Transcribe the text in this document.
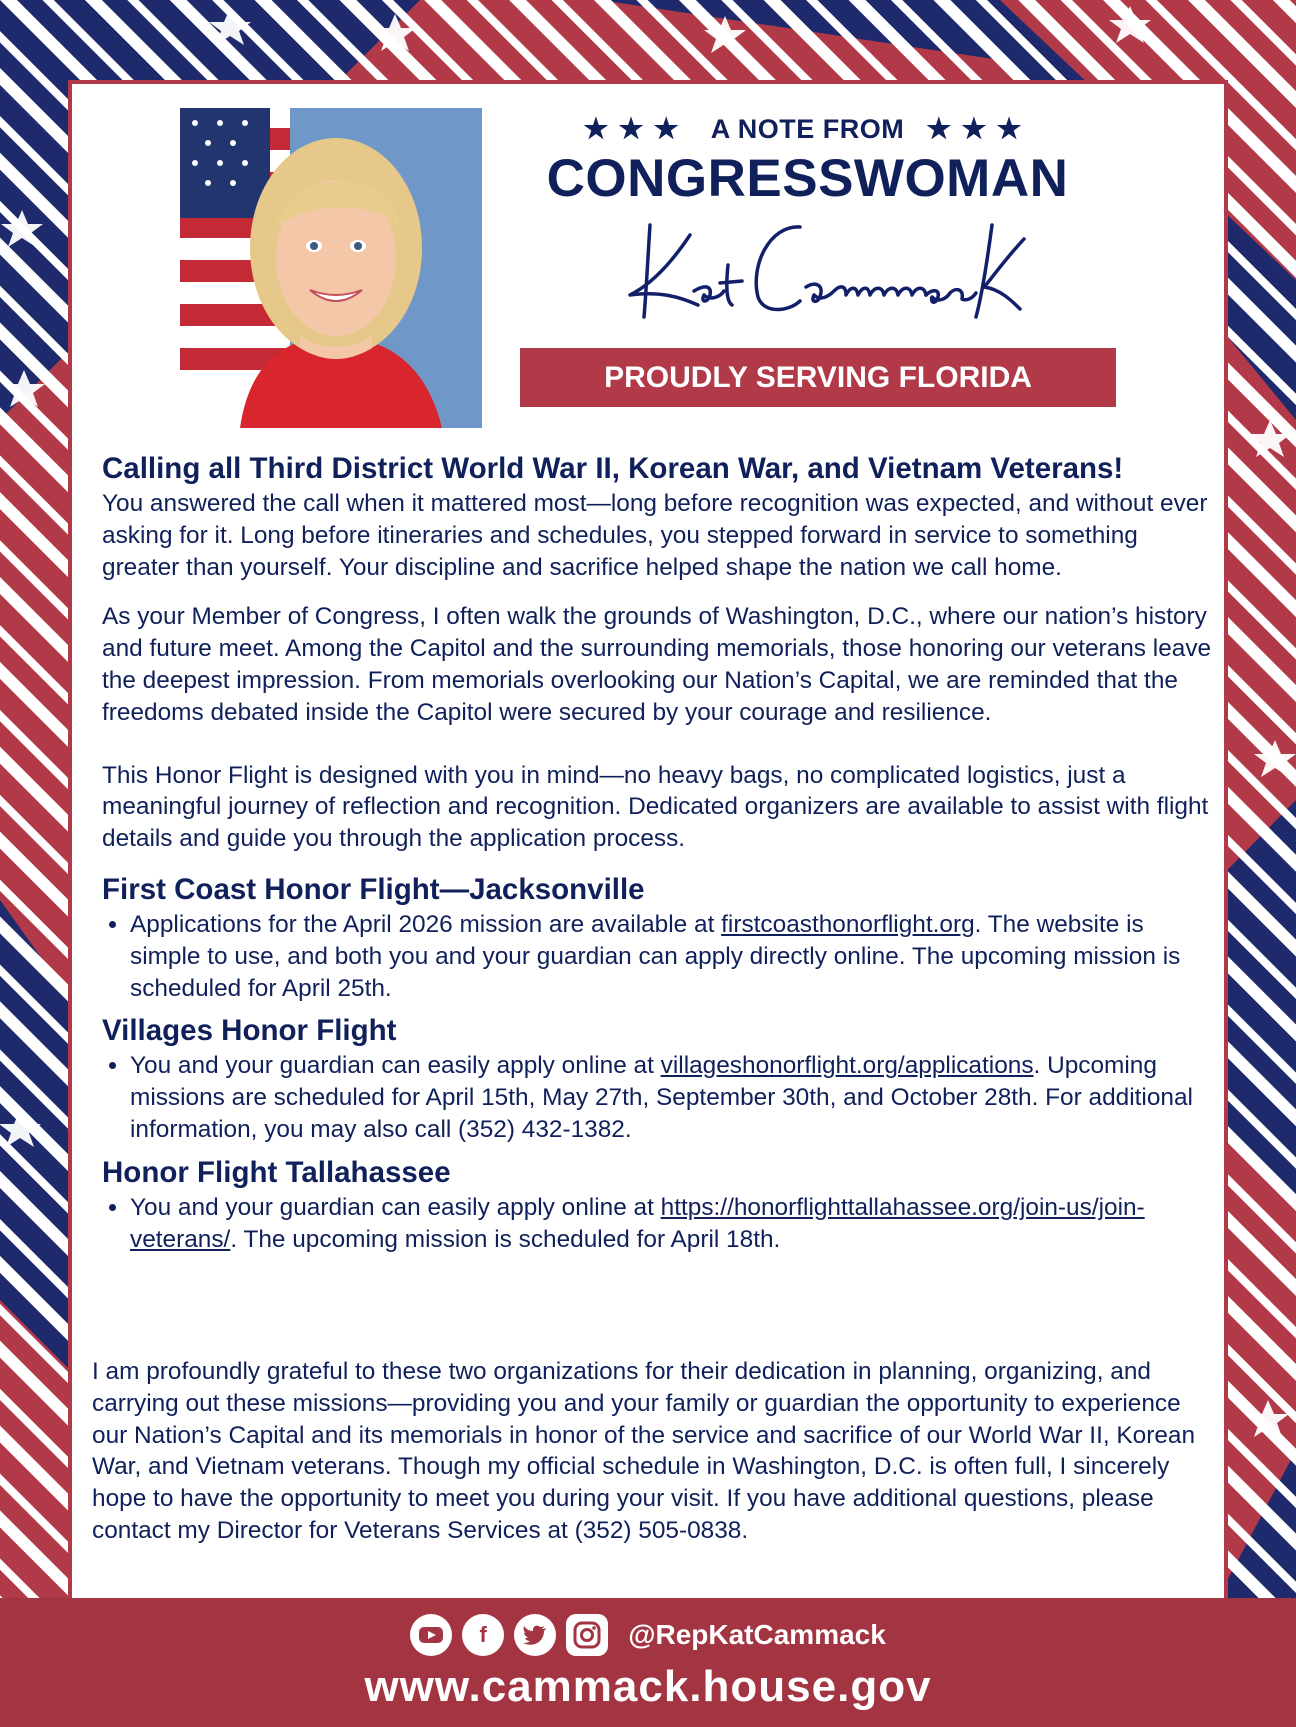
★★★ A NOTE FROM ★★★
CONGRESSWOMAN
PROUDLY SERVING FLORIDA
Calling all Third District World War II, Korean War, and Vietnam Veterans!

You answered the call when it mattered most—long before recognition was expected, and without ever asking for it. Long before itineraries and schedules, you stepped forward in service to something greater than yourself. Your discipline and sacrifice helped shape the nation we call home.

As your Member of Congress, I often walk the grounds of Washington, D.C., where our nation’s history and future meet. Among the Capitol and the surrounding memorials, those honoring our veterans leave the deepest impression. From memorials overlooking our Nation’s Capital, we are reminded that the freedoms debated inside the Capitol were secured by your courage and resilience.

This Honor Flight is designed with you in mind—no heavy bags, no complicated logistics, just a meaningful journey of reflection and recognition. Dedicated organizers are available to assist with flight details and guide you through the application process.

First Coast Honor Flight—Jacksonville
• Applications for the April 2026 mission are available at firstcoasthonorflight.org. The website is simple to use, and both you and your guardian can apply directly online. The upcoming mission is scheduled for April 25th.
Villages Honor Flight
• You and your guardian can easily apply online at villageshonorflight.org/applications. Upcoming missions are scheduled for April 15th, May 27th, September 30th, and October 28th. For additional information, you may also call (352) 432-1382.
Honor Flight Tallahassee
• You and your guardian can easily apply online at https://honorflighttallahassee.org/join-us/join-veterans/. The upcoming mission is scheduled for April 18th.
I am profoundly grateful to these two organizations for their dedication in planning, organizing, and carrying out these missions—providing you and your family or guardian the opportunity to experience our Nation’s Capital and its memorials in honor of the service and sacrifice of our World War II, Korean War, and Vietnam veterans. Though my official schedule in Washington, D.C. is often full, I sincerely hope to have the opportunity to meet you during your visit. If you have additional questions, please contact my Director for Veterans Services at (352) 505-0838.
f	@RepKatCammack
www.cammack.house.gov
